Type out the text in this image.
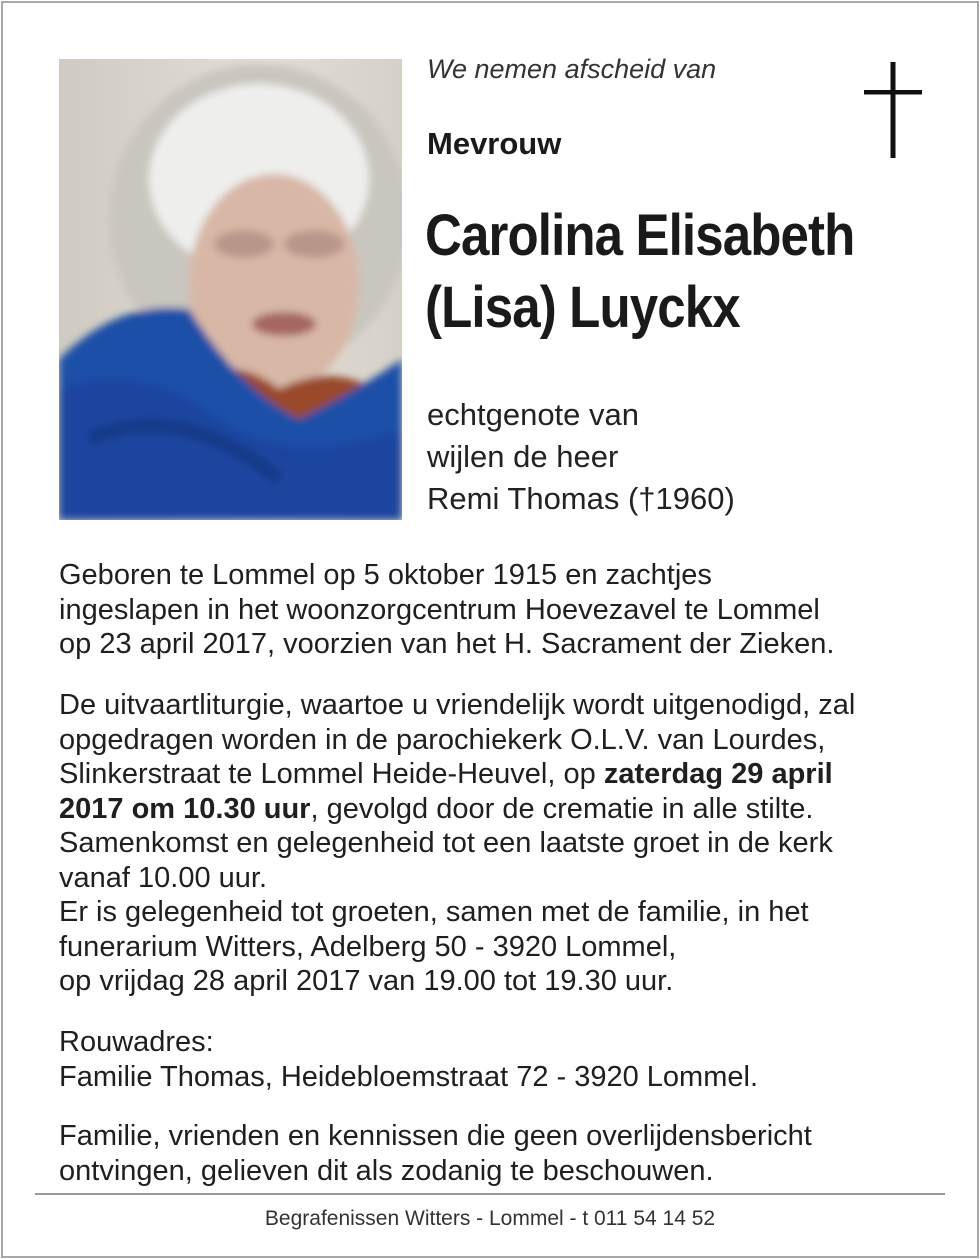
We nemen afscheid van
Mevrouw
Carolina Elisabeth
(Lisa) Luyckx
echtgenote van
wijlen de heer
Remi Thomas (†1960)
Geboren te Lommel op 5 oktober 1915 en zachtjes
ingeslapen in het woonzorgcentrum Hoevezavel te Lommel
op 23 april 2017, voorzien van het H. Sacrament der Zieken.
De uitvaartliturgie, waartoe u vriendelijk wordt uitgenodigd, zal
opgedragen worden in de parochiekerk O.L.V. van Lourdes,
Slinkerstraat te Lommel Heide-Heuvel, op zaterdag 29 april
2017 om 10.30 uur, gevolgd door de crematie in alle stilte.
Samenkomst en gelegenheid tot een laatste groet in de kerk
vanaf 10.00 uur.
Er is gelegenheid tot groeten, samen met de familie, in het
funerarium Witters, Adelberg 50 - 3920 Lommel,
op vrijdag 28 april 2017 van 19.00 tot 19.30 uur.
Rouwadres:
Familie Thomas, Heidebloemstraat 72 - 3920 Lommel.
Familie, vrienden en kennissen die geen overlijdensbericht
ontvingen, gelieven dit als zodanig te beschouwen.
Begrafenissen Witters - Lommel - t 011 54 14 52
